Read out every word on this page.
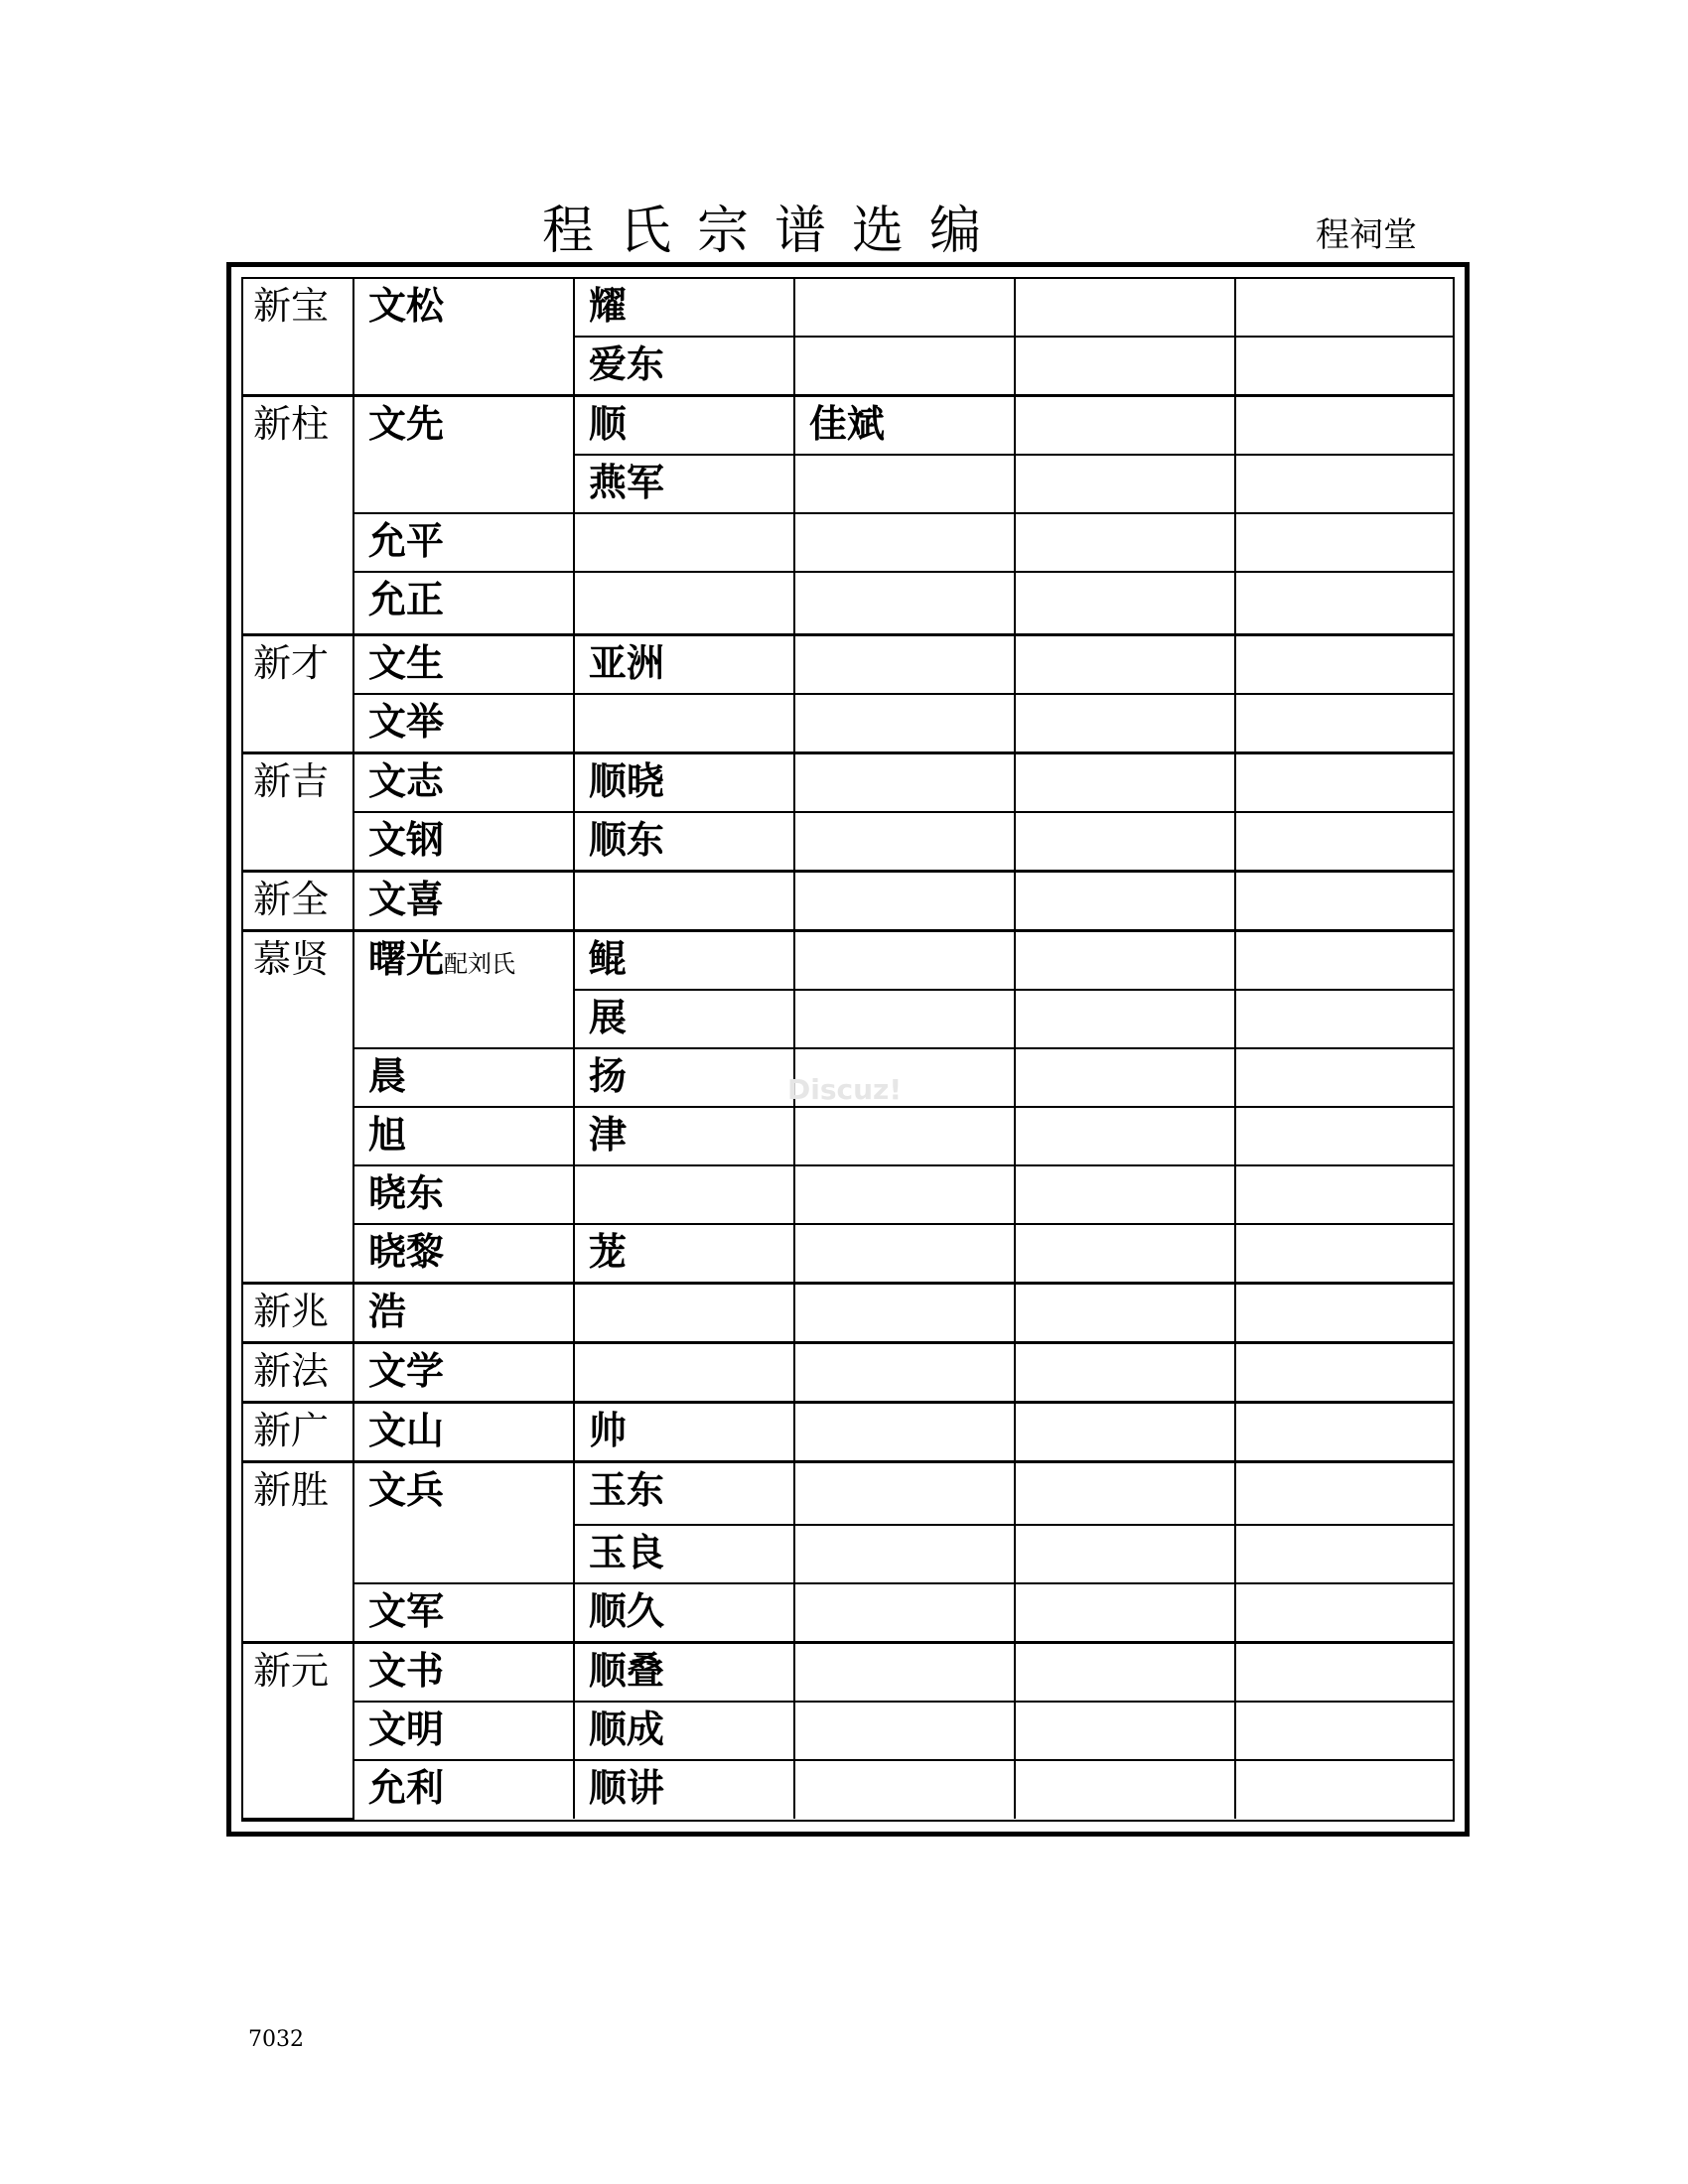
程氏宗谱选编	程祠堂
新宝	文松	耀			
		爱东			
新柱	文先	顺	佳斌		
		燕军			
	允平				
	允正				
新才	文生	亚洲			
	文举				
新吉	文志	顺晓			
	文钢	顺东			
新全	文喜				
慕贤	曙光配刘氏	鲲			
		展			
	晨	扬			
	旭	津			
	晓东				
	晓黎	茏			
新兆	浩				
新法	文学				
新广	文山	帅			
新胜	文兵	玉东			
		玉良			
	文军	顺久			
新元	文书	顺叠			
	文明	顺成			
	允利	顺讲			
Discuz!
7032
